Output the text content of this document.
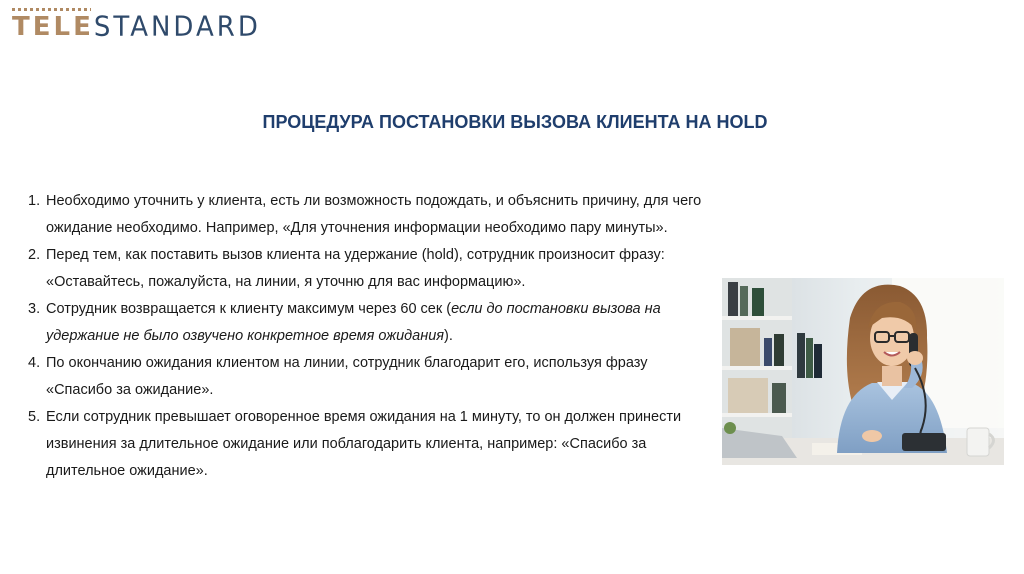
TELE STANDARD
ПРОЦЕДУРА ПОСТАНОВКИ ВЫЗОВА КЛИЕНТА НА HOLD
1. Необходимо уточнить у клиента, есть ли возможность подождать, и объяснить причину, для чего ожидание необходимо. Например, «Для уточнения информации необходимо пару минуты».
2. Перед тем, как поставить вызов клиента на удержание (hold), сотрудник произносит фразу: «Оставайтесь, пожалуйста, на линии, я уточню для вас информацию».
3. Сотрудник возвращается к клиенту максимум через 60 сек (если до постановки вызова на удержание не было озвучено конкретное время ожидания).
4. По окончанию ожидания клиентом на линии, сотрудник благодарит его, используя фразу «Спасибо за ожидание».
5. Если сотрудник превышает оговоренное время ожидания на 1 минуту, то он должен принести извинения за длительное ожидание или поблагодарить клиента, например: «Спасибо за длительное ожидание».
